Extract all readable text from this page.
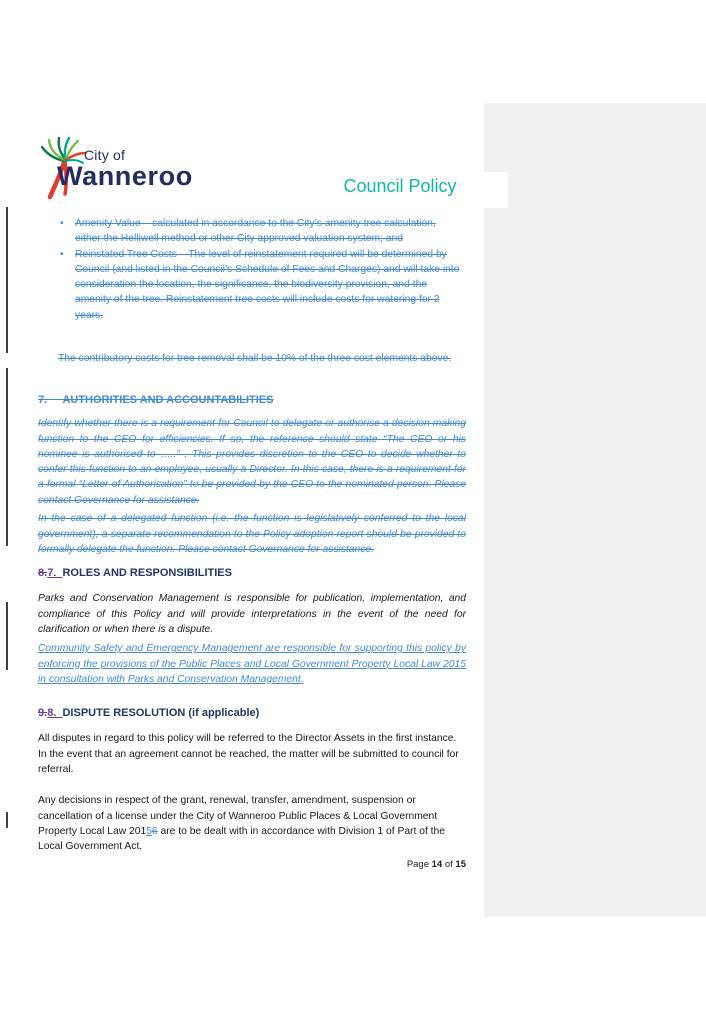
City of
Wanneroo	Council Policy
• Amenity Value – calculated in accordance to the City’s amenity tree calculation, either the Helliwell method or other City approved valuation system; and
• Reinstated Tree Costs – The level of reinstatement required will be determined by Council (and listed in the Council’s Schedule of Fees and Charges) and will take into consideration the location, the significance, the biodiversity provision, and the amenity of the tree. Reinstatement tree costs will include costs for watering for 2 years.

The contributory costs for tree removal shall be 10% of the three cost elements above.

7.     AUTHORITIES AND ACCOUNTABILITIES

Identify whether there is a requirement for Council to delegate or authorise a decision making function to the CEO for efficiencies. If so, the reference should state “The CEO or his nominee is authorised to …..” . This provides discretion to the CEO to decide whether to confer this function to an employee, usually a Director. In this case, there is a requirement for a formal “Letter of Authorisation” to be provided by the CEO to the nominated person. Please contact Governance for assistance.

In the case of a delegated function (i.e. the function is legislatively conferred to the local government), a separate recommendation to the Policy adoption report should be provided to formally delegate the function. Please contact Governance for assistance.

8.7.  ROLES AND RESPONSIBILITIES

Parks and Conservation Management is responsible for publication, implementation, and compliance of this Policy and will provide interpretations in the event of the need for clarification or when there is a dispute.

Community Safety and Emergency Management are responsible for supporting this policy by enforcing the provisions of the Public Places and Local Government Property Local Law 2015 in consultation with Parks and Conservation Management.

9.8.  DISPUTE RESOLUTION (if applicable)

All disputes in regard to this policy will be referred to the Director Assets in the first instance. In the event that an agreement cannot be reached, the matter will be submitted to council for referral.

Any decisions in respect of the grant, renewal, transfer, amendment, suspension or cancellation of a license under the City of Wanneroo Public Places & Local Government Property Local Law 20156 are to be dealt with in accordance with Division 1 of Part of the Local Government Act.

Page 14 of 15
